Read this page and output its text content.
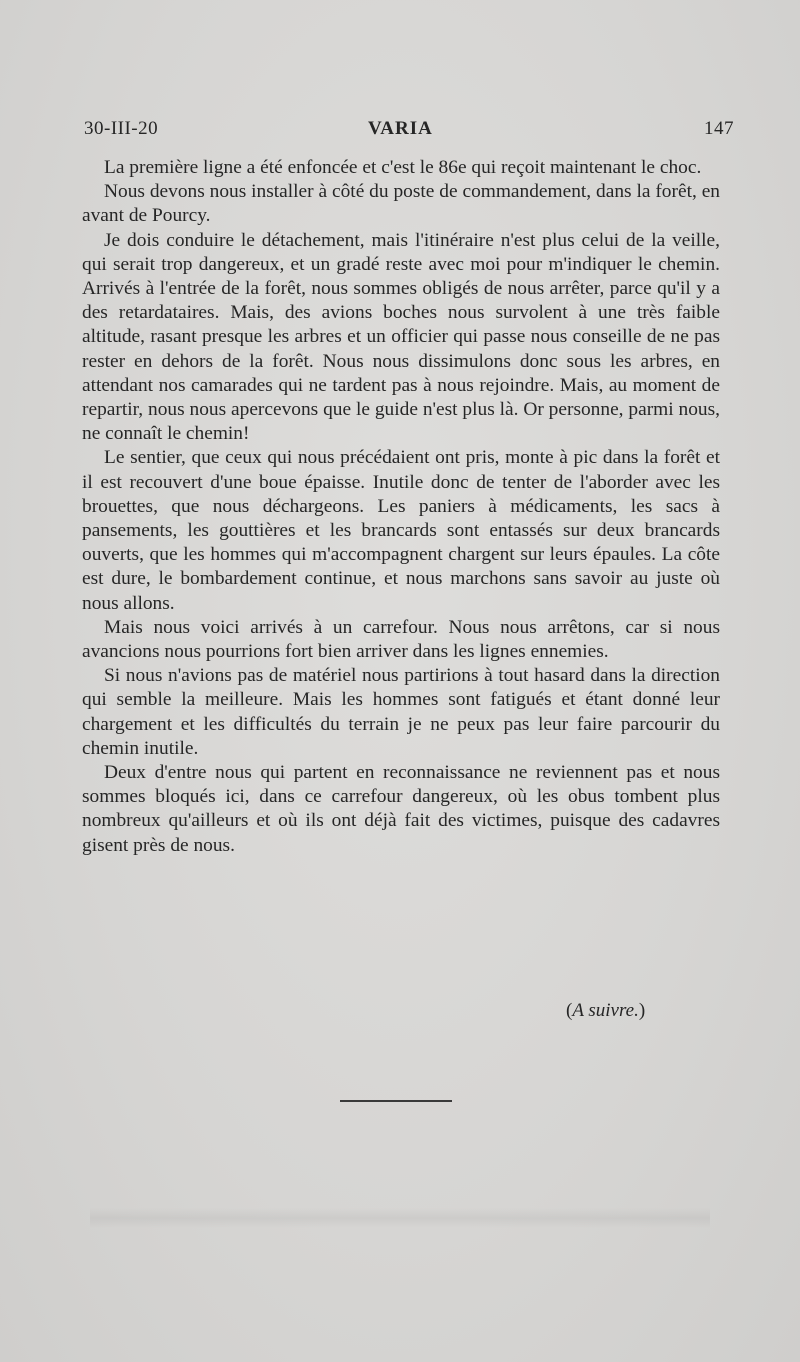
30-III-20	VARIA	147

La première ligne a été enfoncée et c'est le 86e qui reçoit maintenant le choc.

Nous devons nous installer à côté du poste de commandement, dans la forêt, en avant de Pourcy.

Je dois conduire le détachement, mais l'itinéraire n'est plus celui de la veille, qui serait trop dangereux, et un gradé reste avec moi pour m'indiquer le chemin. Arrivés à l'entrée de la forêt, nous sommes obligés de nous arrêter, parce qu'il y a des retardataires. Mais, des avions boches nous survolent à une très faible altitude, rasant presque les arbres et un officier qui passe nous conseille de ne pas rester en dehors de la forêt. Nous nous dissimulons donc sous les arbres, en attendant nos camarades qui ne tardent pas à nous rejoindre. Mais, au moment de repartir, nous nous apercevons que le guide n'est plus là. Or personne, parmi nous, ne connaît le chemin!

Le sentier, que ceux qui nous précédaient ont pris, monte à pic dans la forêt et il est recouvert d'une boue épaisse. Inutile donc de tenter de l'aborder avec les brouettes, que nous déchargeons. Les paniers à médicaments, les sacs à pansements, les gouttières et les brancards sont entassés sur deux brancards ouverts, que les hommes qui m'accompagnent chargent sur leurs épaules. La côte est dure, le bombardement continue, et nous marchons sans savoir au juste où nous allons.

Mais nous voici arrivés à un carrefour. Nous nous arrêtons, car si nous avancions nous pourrions fort bien arriver dans les lignes ennemies.

Si nous n'avions pas de matériel nous partirions à tout hasard dans la direction qui semble la meilleure. Mais les hommes sont fatigués et étant donné leur chargement et les difficultés du terrain je ne peux pas leur faire parcourir du chemin inutile.

Deux d'entre nous qui partent en reconnaissance ne reviennent pas et nous sommes bloqués ici, dans ce carrefour dangereux, où les obus tombent plus nombreux qu'ailleurs et où ils ont déjà fait des victimes, puisque des cadavres gisent près de nous.

(A suivre.)
